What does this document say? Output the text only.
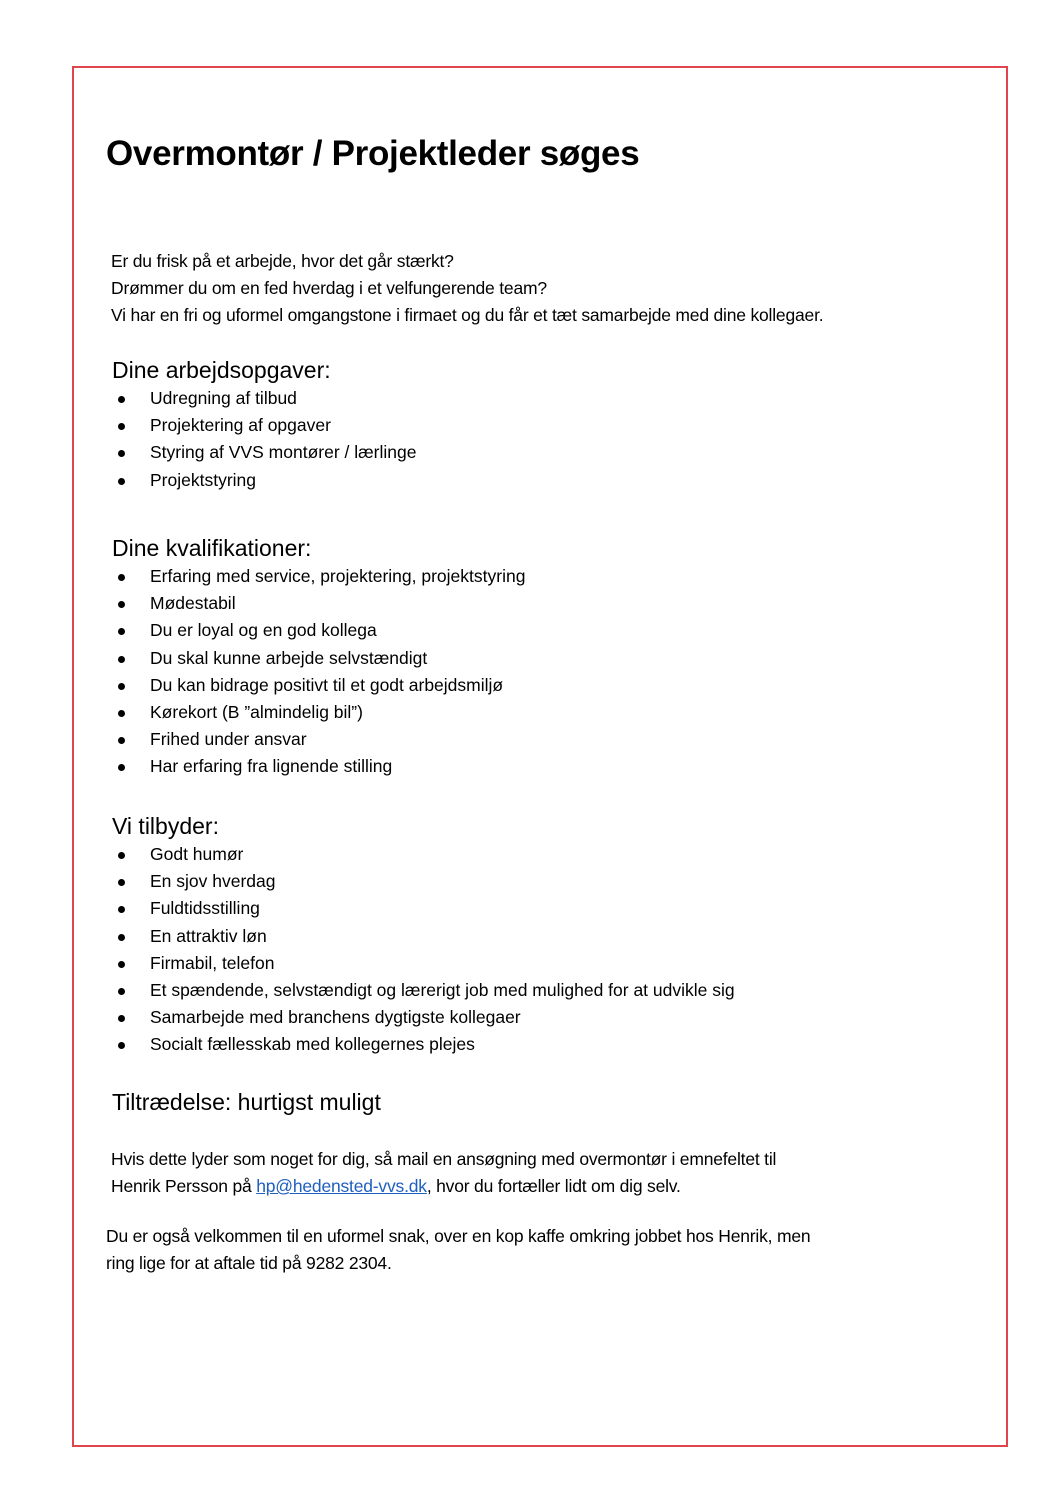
Overmontør / Projektleder søges

Er du frisk på et arbejde, hvor det går stærkt?

Drømmer du om en fed hverdag i et velfungerende team?

Vi har en fri og uformel omgangstone i firmaet og du får et tæt samarbejde med dine kollegaer.

Dine arbejdsopgaver:
Udregning af tilbud
Projektering af opgaver
Styring af VVS montører / lærlinge
Projektstyring
Dine kvalifikationer:
Erfaring med service, projektering, projektstyring
Mødestabil
Du er loyal og en god kollega
Du skal kunne arbejde selvstændigt
Du kan bidrage positivt til et godt arbejdsmiljø
Kørekort (B ”almindelig bil”)
Frihed under ansvar
Har erfaring fra lignende stilling
Vi tilbyder:
Godt humør
En sjov hverdag
Fuldtidsstilling
En attraktiv løn
Firmabil, telefon
Et spændende, selvstændigt og lærerigt job med mulighed for at udvikle sig
Samarbejde med branchens dygtigste kollegaer
Socialt fællesskab med kollegernes plejes
Tiltrædelse: hurtigst muligt

Hvis dette lyder som noget for dig, så mail en ansøgning med overmontør i emnefeltet til

Henrik Persson på hp@hedensted-vvs.dk, hvor du fortæller lidt om dig selv.

Du er også velkommen til en uformel snak, over en kop kaffe omkring jobbet hos Henrik, men

ring lige for at aftale tid på 9282 2304.
